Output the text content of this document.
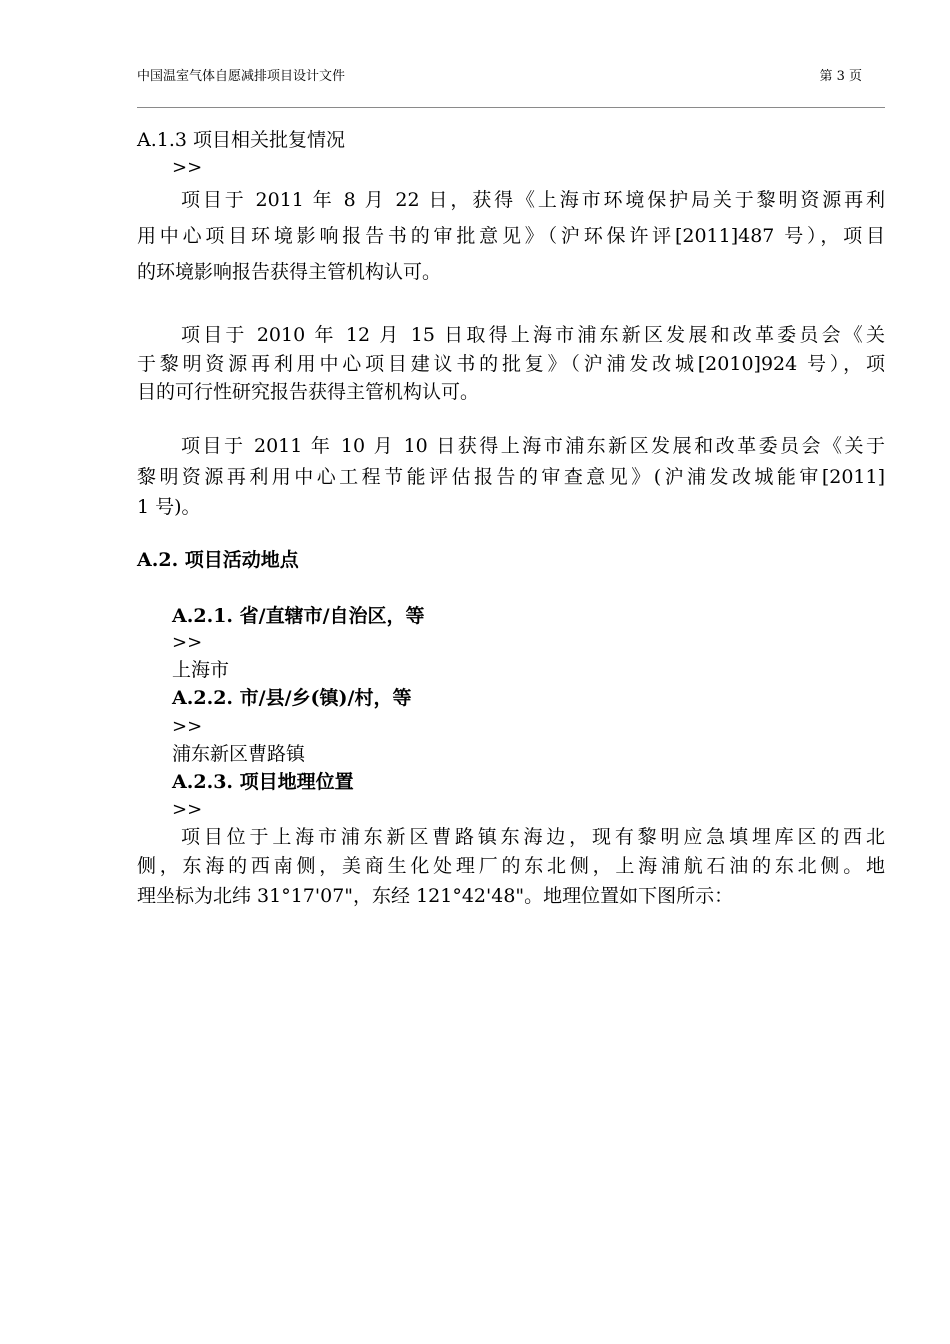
中国温室气体自愿减排项目设计文件	第 3 页
A.1.3 项目相关批复情况
>>
项目于 2011 年 8 月 22 日，获得《上海市环境保护局关于黎明资源再利
用中心项目环境影响报告书的审批意见》（沪环保许评[2011]487 号），项目
的环境影响报告获得主管机构认可。
项目于 2010 年 12 月 15 日取得上海市浦东新区发展和改革委员会《关
于黎明资源再利用中心项目建议书的批复》（沪浦发改城[2010]924 号），项
目的可行性研究报告获得主管机构认可。
项目于 2011 年 10 月 10 日获得上海市浦东新区发展和改革委员会《关于
黎明资源再利用中心工程节能评估报告的审查意见》(沪浦发改城能审[2011]
1 号)。
A.2. 项目活动地点
A.2.1. 省/直辖市/自治区，等
>>
上海市
A.2.2. 市/县/乡(镇)/村，等
>>
浦东新区曹路镇
A.2.3. 项目地理位置
>>
项目位于上海市浦东新区曹路镇东海边，现有黎明应急填埋库区的西北
侧，东海的西南侧，美商生化处理厂的东北侧，上海浦航石油的东北侧。地
理坐标为北纬 31°17'07"，东经 121°42'48"。地理位置如下图所示：
